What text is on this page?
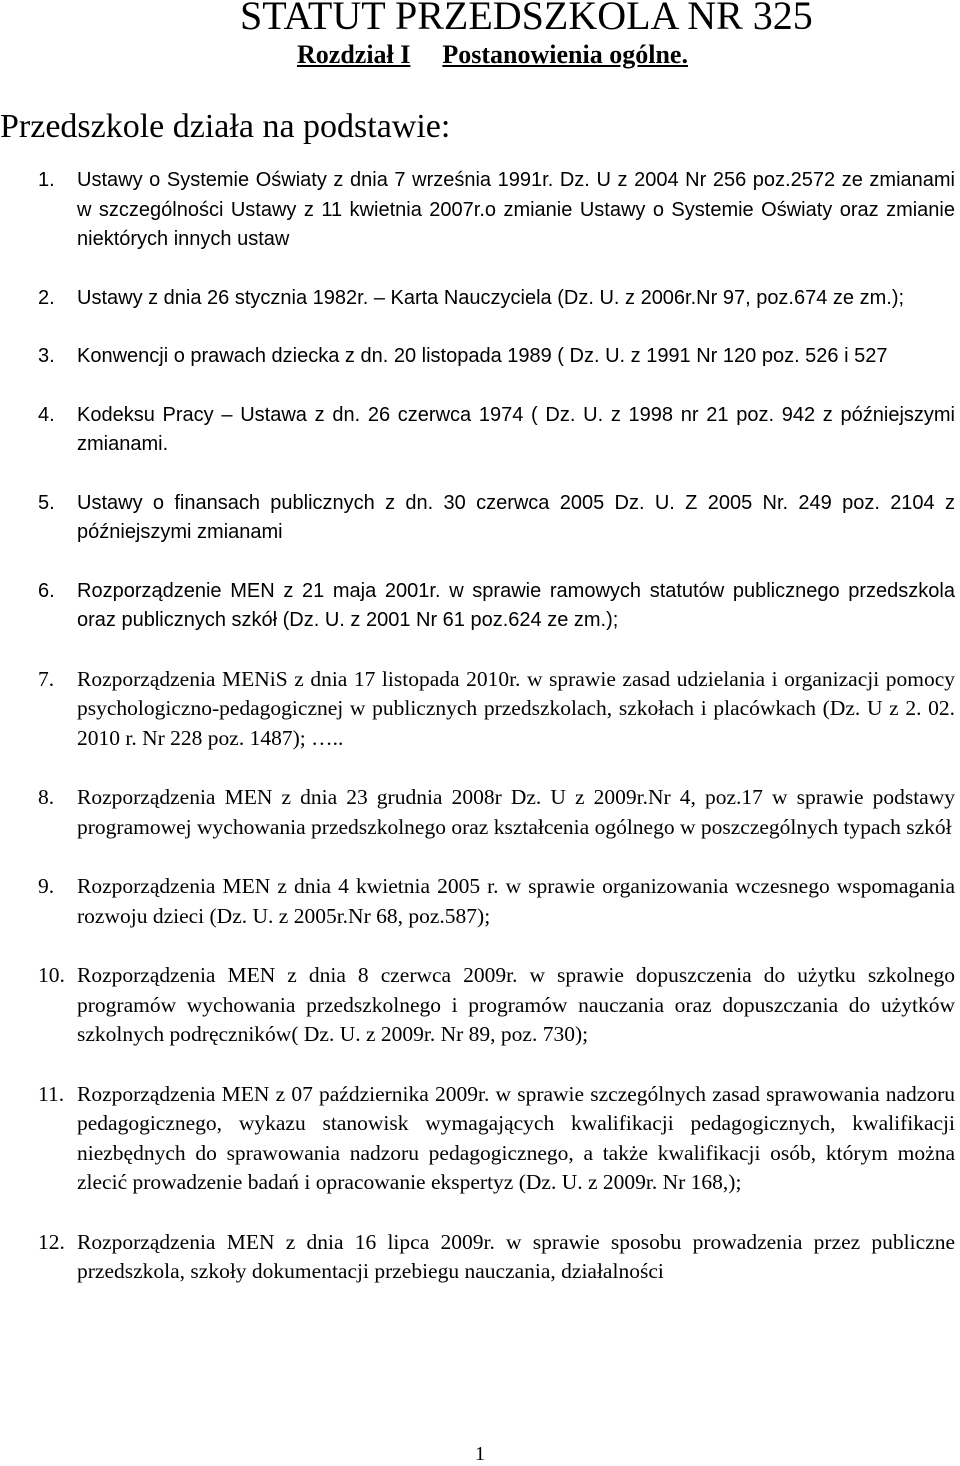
STATUT PRZEDSZKOLA NR 325
Rozdział I Postanowienia ogólne.
Przedszkole działa na podstawie:
1.	Ustawy o Systemie Oświaty z dnia 7 września 1991r. Dz. U z 2004 Nr 256 poz.2572 ze zmianami w szczególności Ustawy z 11 kwietnia 2007r.o zmianie Ustawy o Systemie Oświaty oraz zmianie niektórych innych ustaw
2.	Ustawy z dnia 26 stycznia 1982r. – Karta Nauczyciela (Dz. U. z 2006r.Nr 97, poz.674 ze zm.);
3.	Konwencji o prawach dziecka z dn. 20 listopada 1989 ( Dz. U. z 1991 Nr 120 poz. 526 i 527
4.	Kodeksu Pracy – Ustawa z dn. 26 czerwca 1974 ( Dz. U. z 1998 nr 21 poz. 942 z późniejszymi zmianami.
5.	Ustawy o finansach publicznych z dn. 30 czerwca 2005 Dz. U. Z 2005 Nr. 249 poz. 2104 z późniejszymi zmianami
6.	Rozporządzenie MEN z 21 maja 2001r. w sprawie ramowych statutów publicznego przedszkola oraz publicznych szkół (Dz. U. z 2001 Nr 61 poz.624 ze zm.);
7.	Rozporządzenia MENiS z dnia 17 listopada 2010r. w sprawie zasad udzielania i organizacji pomocy psychologiczno-pedagogicznej w publicznych przedszkolach, szkołach i placówkach (Dz. U z 2. 02. 2010 r. Nr 228 poz. 1487); …..
8.	Rozporządzenia MEN z dnia 23 grudnia 2008r Dz. U z 2009r.Nr 4, poz.17 w sprawie podstawy programowej wychowania przedszkolnego oraz kształcenia ogólnego w poszczególnych typach szkół
9.	Rozporządzenia MEN z dnia 4 kwietnia 2005 r. w sprawie organizowania wczesnego wspomagania rozwoju dzieci (Dz. U. z 2005r.Nr 68, poz.587);
10. Rozporządzenia MEN z dnia 8 czerwca 2009r. w sprawie dopuszczenia do użytku szkolnego programów wychowania przedszkolnego i programów nauczania oraz dopuszczania do użytków szkolnych podręczników( Dz. U. z 2009r. Nr 89, poz. 730);
11. Rozporządzenia MEN z 07 października 2009r. w sprawie szczególnych zasad sprawowania nadzoru pedagogicznego, wykazu stanowisk wymagających kwalifikacji pedagogicznych, kwalifikacji niezbędnych do sprawowania nadzoru pedagogicznego, a także kwalifikacji osób, którym można zlecić prowadzenie badań i opracowanie ekspertyz (Dz. U. z 2009r. Nr 168,);
12. Rozporządzenia MEN z dnia 16 lipca 2009r. w sprawie sposobu prowadzenia przez publiczne przedszkola, szkoły dokumentacji przebiegu nauczania, działalności
1
